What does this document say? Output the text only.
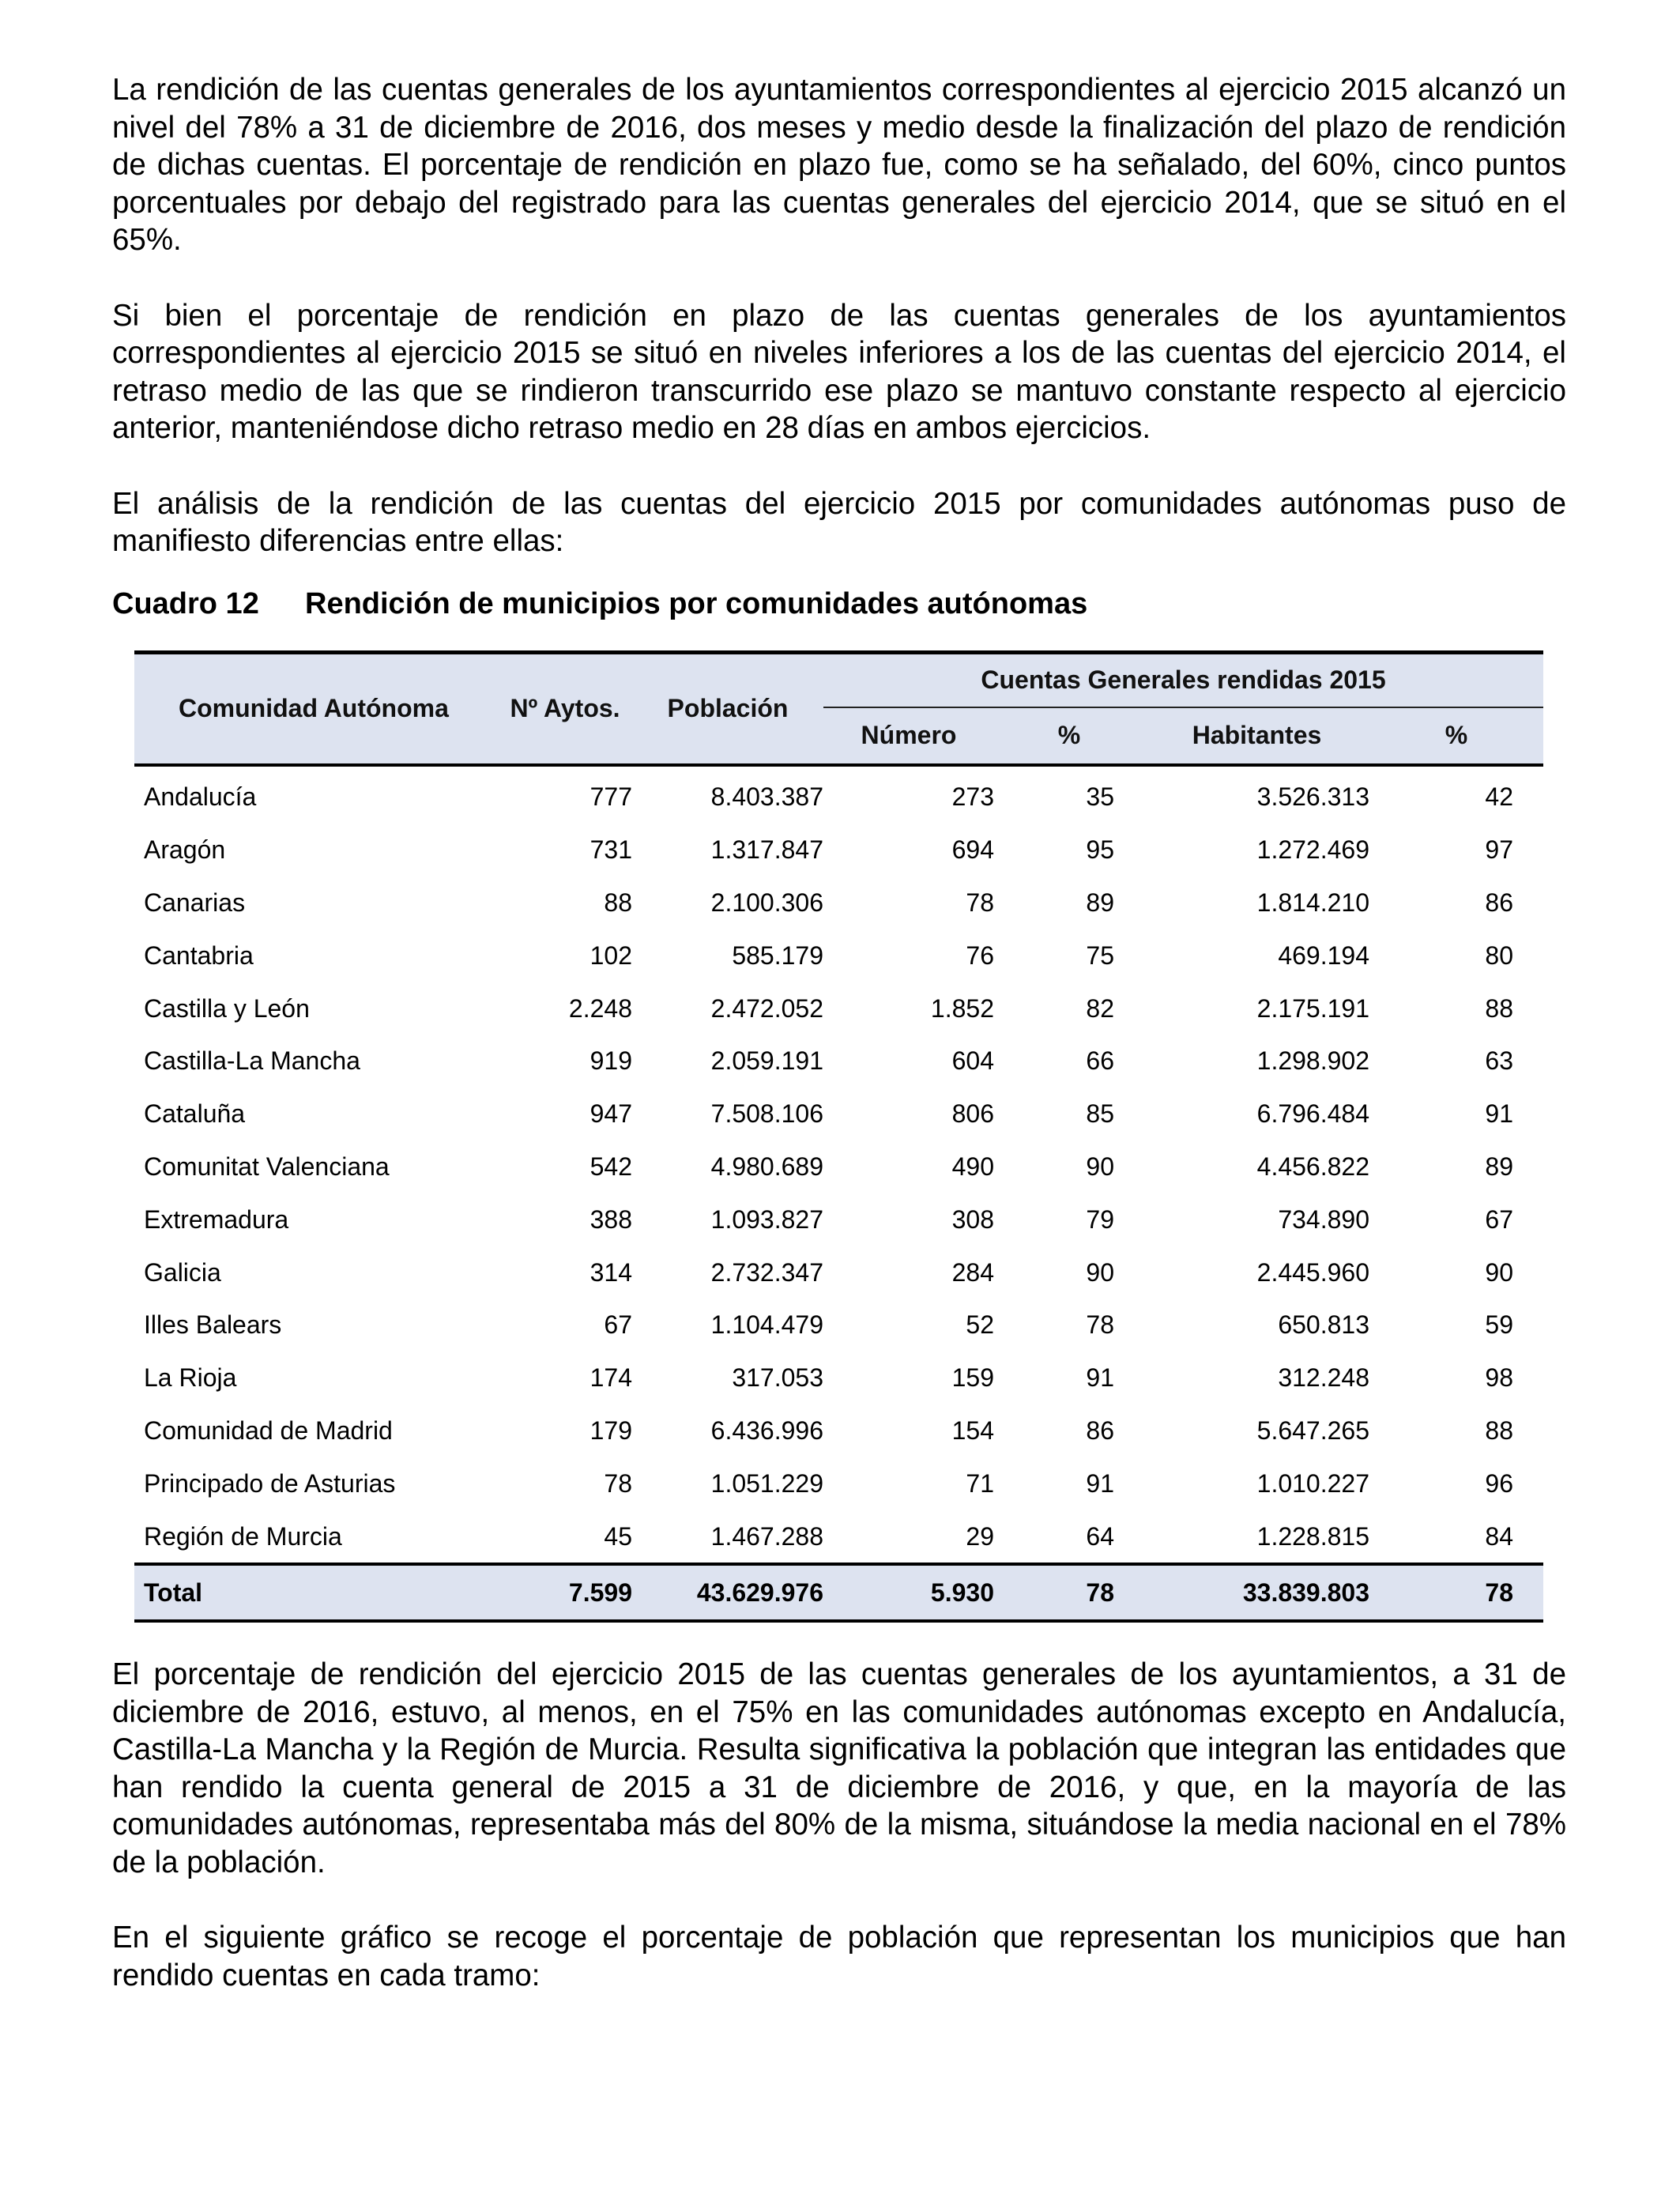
La rendición de las cuentas generales de los ayuntamientos correspondientes al ejercicio 2015 alcanzó un nivel del 78% a 31 de diciembre de 2016, dos meses y medio desde la finalización del plazo de rendición de dichas cuentas. El porcentaje de rendición en plazo fue, como se ha señalado, del 60%, cinco puntos porcentuales por debajo del registrado para las cuentas generales del ejercicio 2014, que se situó en el 65%.

Si bien el porcentaje de rendición en plazo de las cuentas generales de los ayuntamientos correspondientes al ejercicio 2015 se situó en niveles inferiores a los de las cuentas del ejercicio 2014, el retraso medio de las que se rindieron transcurrido ese plazo se mantuvo constante respecto al ejercicio anterior, manteniéndose dicho retraso medio en 28 días en ambos ejercicios.

El análisis de la rendición de las cuentas del ejercicio 2015 por comunidades autónomas puso de manifiesto diferencias entre ellas:

Cuadro 12 Rendición de municipios por comunidades autónomas
Comunidad Autónoma	Nº Aytos.	Población	Cuentas Generales rendidas 2015			
			Número	%	Habitantes	%
Andalucía	777	8.403.387	273	35	3.526.313	42
Aragón	731	1.317.847	694	95	1.272.469	97
Canarias	88	2.100.306	78	89	1.814.210	86
Cantabria	102	585.179	76	75	469.194	80
Castilla y León	2.248	2.472.052	1.852	82	2.175.191	88
Castilla-La Mancha	919	2.059.191	604	66	1.298.902	63
Cataluña	947	7.508.106	806	85	6.796.484	91
Comunitat Valenciana	542	4.980.689	490	90	4.456.822	89
Extremadura	388	1.093.827	308	79	734.890	67
Galicia	314	2.732.347	284	90	2.445.960	90
Illes Balears	67	1.104.479	52	78	650.813	59
La Rioja	174	317.053	159	91	312.248	98
Comunidad de Madrid	179	6.436.996	154	86	5.647.265	88
Principado de Asturias	78	1.051.229	71	91	1.010.227	96
Región de Murcia	45	1.467.288	29	64	1.228.815	84
Total	7.599	43.629.976	5.930	78	33.839.803	78

El porcentaje de rendición del ejercicio 2015 de las cuentas generales de los ayuntamientos, a 31 de diciembre de 2016, estuvo, al menos, en el 75% en las comunidades autónomas excepto en Andalucía, Castilla-La Mancha y la Región de Murcia. Resulta significativa la población que integran las entidades que han rendido la cuenta general de 2015 a 31 de diciembre de 2016, y que, en la mayoría de las comunidades autónomas, representaba más del 80% de la misma, situándose la media nacional en el 78% de la población.

En el siguiente gráfico se recoge el porcentaje de población que representan los municipios que han rendido cuentas en cada tramo:
